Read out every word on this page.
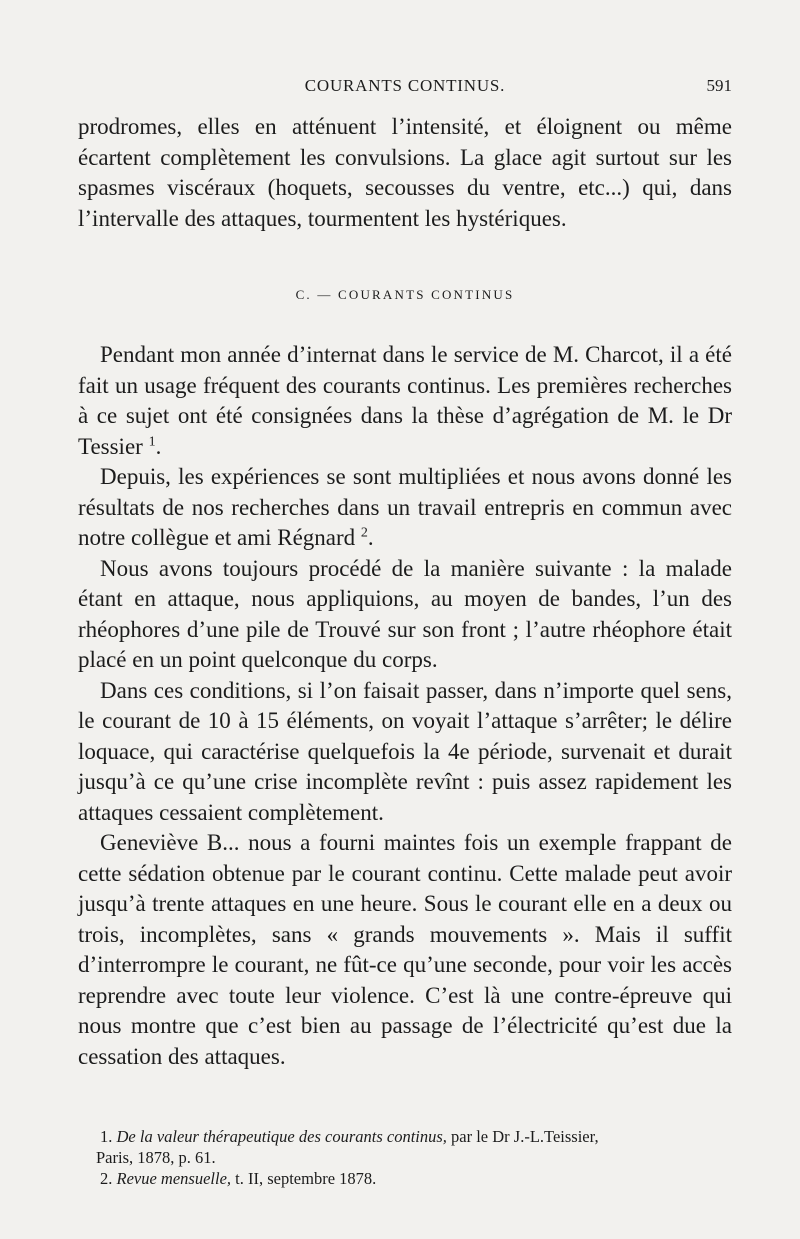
COURANTS CONTINUS.	591

prodromes, elles en atténuent l’intensité, et éloignent ou même écartent complètement les convulsions. La glace agit surtout sur les spasmes viscéraux (hoquets, secousses du ventre, etc...) qui, dans l’intervalle des attaques, tourmentent les hystériques.

C. — COURANTS CONTINUS

Pendant mon année d’internat dans le service de M. Charcot, il a été fait un usage fréquent des courants continus. Les premières recherches à ce sujet ont été consignées dans la thèse d’agrégation de M. le Dr Tessier $^1$.

Depuis, les expériences se sont multipliées et nous avons donné les résultats de nos recherches dans un travail entrepris en commun avec notre collègue et ami Régnard $^2$.

Nous avons toujours procédé de la manière suivante : la malade étant en attaque, nous appliquions, au moyen de bandes, l’un des rhéophores d’une pile de Trouvé sur son front ; l’autre rhéophore était placé en un point quelconque du corps.

Dans ces conditions, si l’on faisait passer, dans n’importe quel sens, le courant de 10 à 15 éléments, on voyait l’attaque s’arrêter; le délire loquace, qui caractérise quelquefois la 4e période, survenait et durait jusqu’à ce qu’une crise incomplète revînt : puis assez rapidement les attaques cessaient complètement.

Geneviève B... nous a fourni maintes fois un exemple frappant de cette sédation obtenue par le courant continu. Cette malade peut avoir jusqu’à trente attaques en une heure. Sous le courant elle en a deux ou trois, incomplètes, sans « grands mouvements ». Mais il suffit d’interrompre le courant, ne fût-ce qu’une seconde, pour voir les accès reprendre avec toute leur violence. C’est là une contre-épreuve qui nous montre que c’est bien au passage de l’électricité qu’est due la cessation des attaques.

1. De la valeur thérapeutique des courants continus, par le Dr J.-L.Teissier,

Paris, 1878, p. 61.

2. Revue mensuelle, t. II, septembre 1878.
